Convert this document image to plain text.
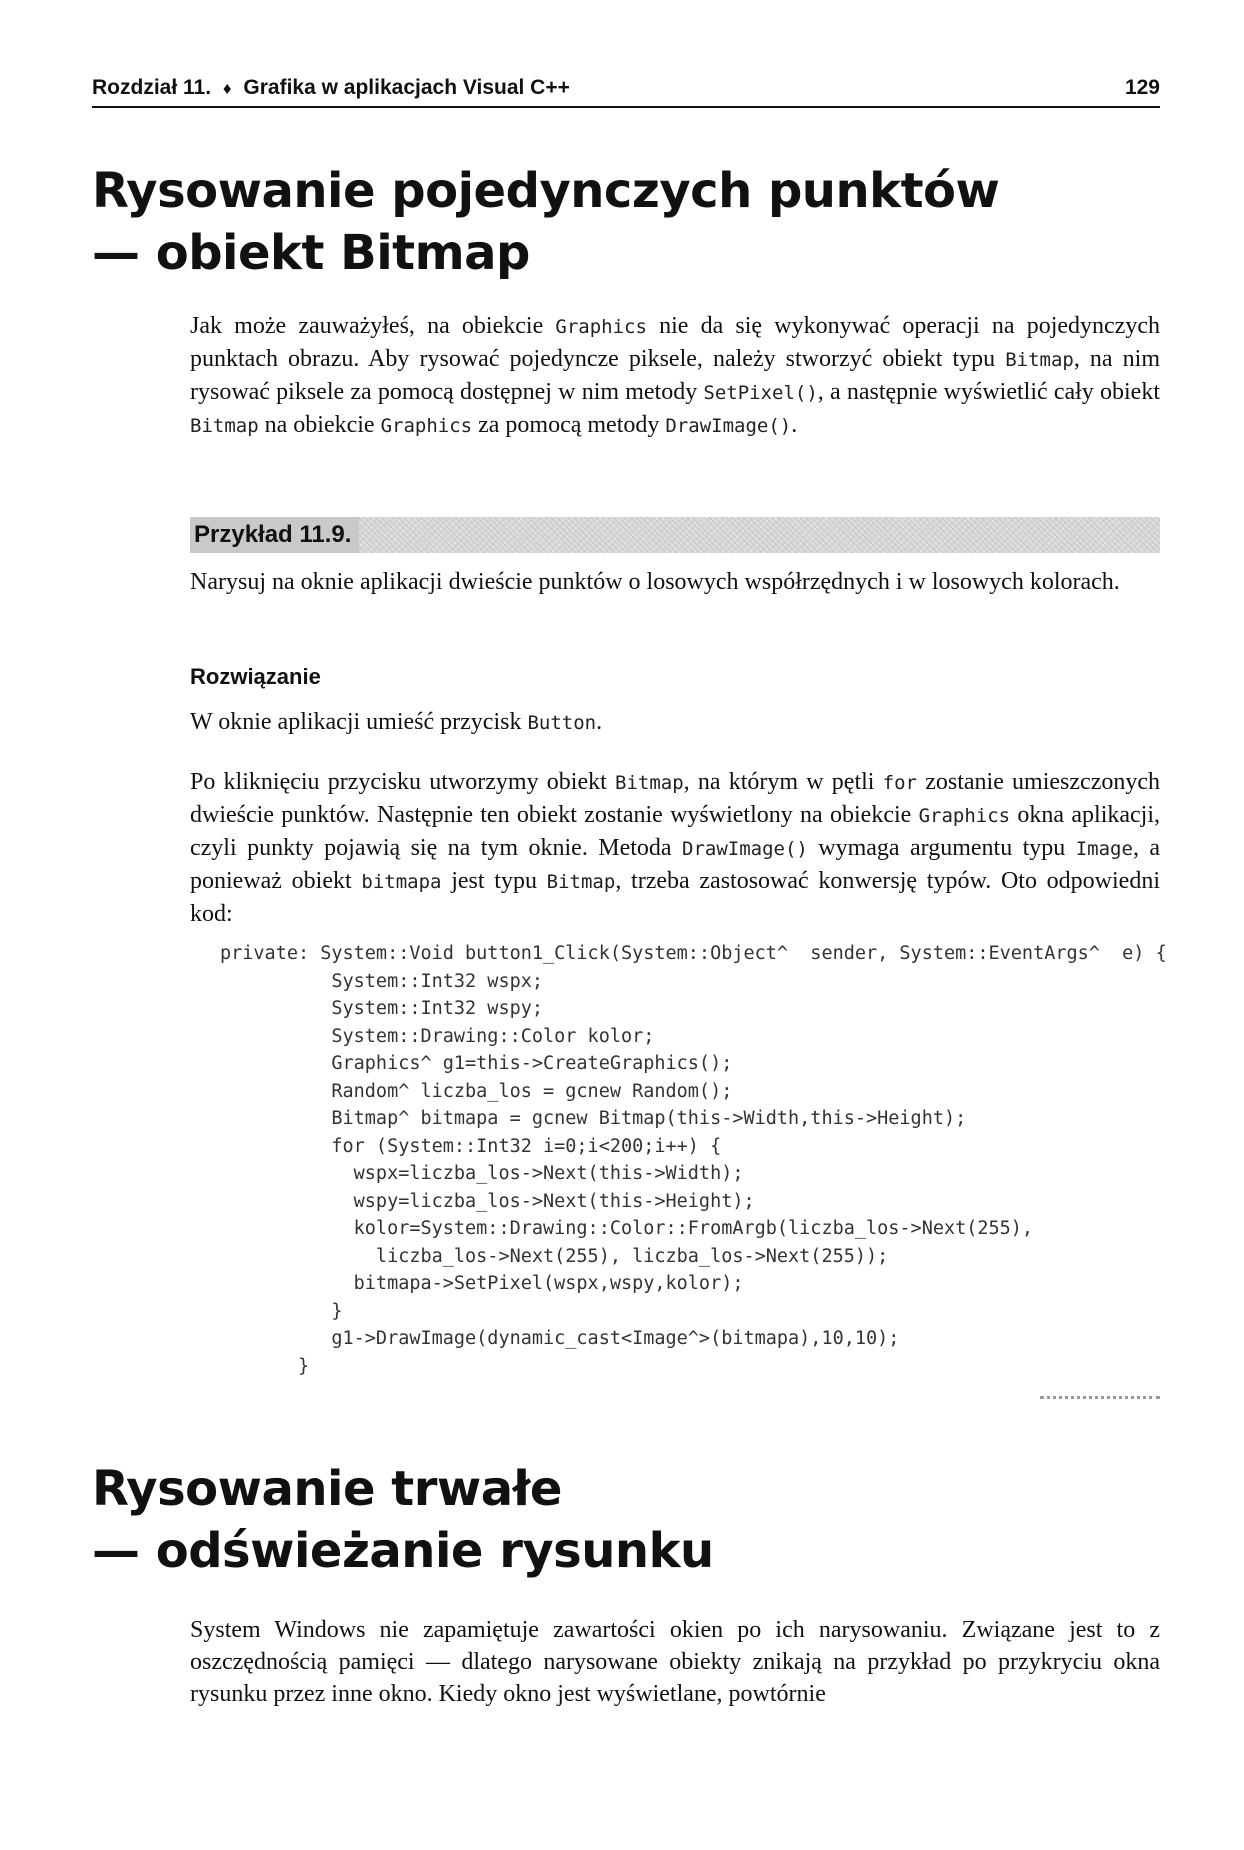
Rozdział 11. ♦ Grafika w aplikacjach Visual C++	129
Rysowanie pojedynczych punktów
— obiekt Bitmap

Jak może zauważyłeś, na obiekcie Graphics nie da się wykonywać operacji na pojedynczych punktach obrazu. Aby rysować pojedyncze piksele, należy stworzyć obiekt typu Bitmap, na nim rysować piksele za pomocą dostępnej w nim metody SetPixel(), a następnie wyświetlić cały obiekt Bitmap na obiekcie Graphics za pomocą metody DrawImage().

Przykład 11.9.

Narysuj na oknie aplikacji dwieście punktów o losowych współrzędnych i w losowych kolorach.

Rozwiązanie

W oknie aplikacji umieść przycisk Button.

Po kliknięciu przycisku utworzymy obiekt Bitmap, na którym w pętli for zostanie umieszczonych dwieście punktów. Następnie ten obiekt zostanie wyświetlony na obiekcie Graphics okna aplikacji, czyli punkty pojawią się na tym oknie. Metoda DrawImage() wymaga argumentu typu Image, a ponieważ obiekt bitmapa jest typu Bitmap, trzeba zastosować konwersję typów. Oto odpowiedni kod:

private: System::Void button1_Click(System::Object^  sender, System::EventArgs^  e) {
System::Int32 wspx;
System::Int32 wspy;
System::Drawing::Color kolor;
Graphics^ g1=this->CreateGraphics();
Random^ liczba_los = gcnew Random();
Bitmap^ bitmapa = gcnew Bitmap(this->Width,this->Height);
for (System::Int32 i=0;i<200;i++) {
wspx=liczba_los->Next(this->Width);
wspy=liczba_los->Next(this->Height);
kolor=System::Drawing::Color::FromArgb(liczba_los->Next(255),
liczba_los->Next(255), liczba_los->Next(255));
bitmapa->SetPixel(wspx,wspy,kolor);
}
g1->DrawImage(dynamic_cast<Image^>(bitmapa),10,10);
}
Rysowanie trwałe
— odświeżanie rysunku

System Windows nie zapamiętuje zawartości okien po ich narysowaniu. Związane jest to z oszczędnością pamięci — dlatego narysowane obiekty znikają na przykład po przykryciu okna rysunku przez inne okno. Kiedy okno jest wyświetlane, powtórnie
